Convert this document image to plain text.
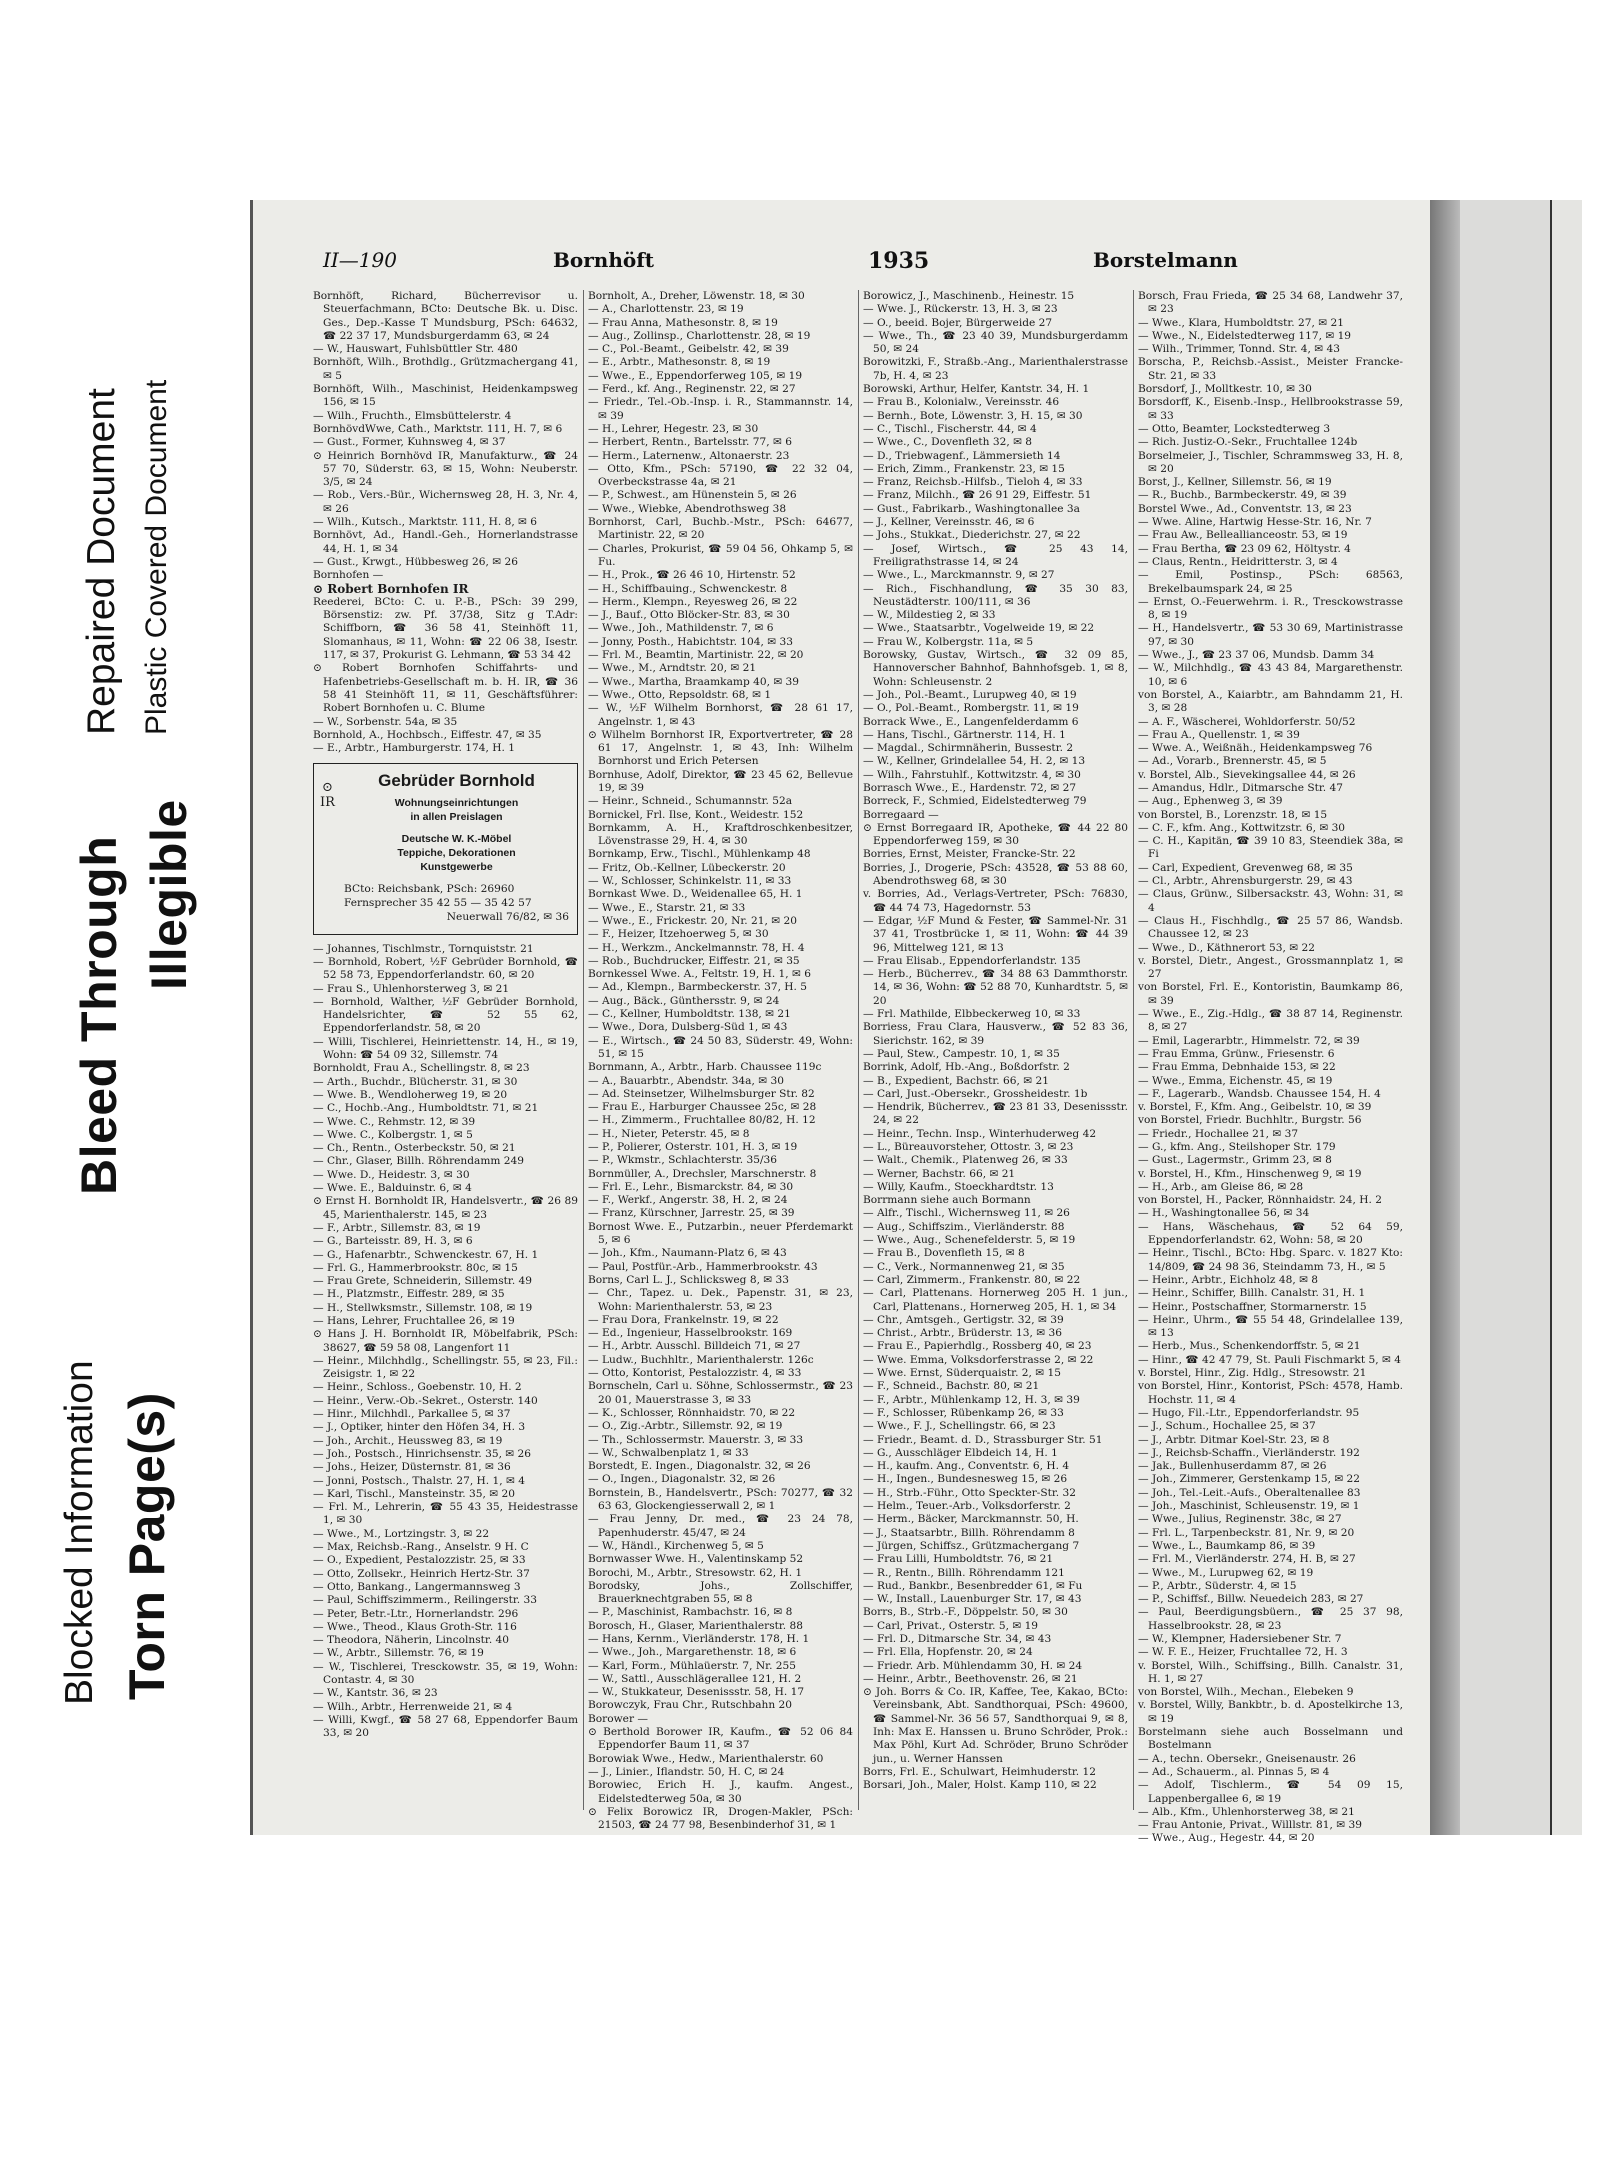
Blocked Information Torn Page(s)
Bleed Through Illegible
Repaired Document Plastic Covered Document
II—190	Bornhöft	1935	Borstelmann

Bornhöft, Richard, Bücherrevisor u. Steuerfachmann, BCto: Deutsche Bk. u. Disc. Ges., Dep.-Kasse T Mundsburg, PSch: 64632, ☎ 22 37 17, Mundsburgerdamm 63, ✉ 24

— W., Hauswart, Fuhlsbüttler Str. 480

Bornhöft, Wilh., Brothdlg., Grützmachergang 41, ✉ 5

Bornhöft, Wilh., Maschinist, Heidenkampsweg 156, ✉ 15

— Wilh., Fruchth., Elmsbüttelerstr. 4

BornhövdWwe, Cath., Marktstr. 111, H. 7, ✉ 6

— Gust., Former, Kuhnsweg 4, ✉ 37

⊙ Heinrich Bornhövd IR, Manufakturw., ☎ 24 57 70, Süderstr. 63, ✉ 15, Wohn: Neuberstr. 3/5, ✉ 24

— Rob., Vers.-Bür., Wichernsweg 28, H. 3, Nr. 4, ✉ 26

— Wilh., Kutsch., Marktstr. 111, H. 8, ✉ 6

Bornhövt, Ad., Handl.-Geh., Hornerlandstrasse 44, H. 1, ✉ 34

— Gust., Krwgt., Hübbesweg 26, ✉ 26

Bornhofen —

⊙ Robert Bornhofen IR

Reederei, BCto: C. u. P.-B., PSch: 39 299, Börsenstiz: zw. Pf. 37/38, Sitz g T.Adr: Schiffborn, ☎ 36 58 41, Steinhöft 11, Slomanhaus, ✉ 11, Wohn: ☎ 22 06 38, Isestr. 117, ✉ 37, Prokurist G. Lehmann, ☎ 53 34 42

⊙ Robert Bornhofen Schiffahrts- und Hafenbetriebs-Gesellschaft m. b. H. IR, ☎ 36 58 41 Steinhöft 11, ✉ 11, Geschäftsführer: Robert Bornhofen u. C. Blume

— W., Sorbenstr. 54a, ✉ 35

Bornhold, A., Hochbsch., Eiffestr. 47, ✉ 35

— E., Arbtr., Hamburgerstr. 174, H. 1

⊙
IR
Gebrüder Bornhold
Wohnungseinrichtungen
in allen Preislagen
Deutsche W. K.-Möbel
Teppiche, Dekorationen
Kunstgewerbe
BCto: Reichsbank, PSch: 26960
Fernsprecher 35 42 55 — 35 42 57
Neuerwall 76/82, ✉ 36

— Johannes, Tischlmstr., Tornquiststr. 21

— Bornhold, Robert, ½F Gebrüder Bornhold, ☎ 52 58 73, Eppendorferlandstr. 60, ✉ 20

— Frau S., Uhlenhorsterweg 3, ✉ 21

— Bornhold, Walther, ½F Gebrüder Bornhold, Handelsrichter, ☎ 52 55 62, Eppendorferlandstr. 58, ✉ 20

— Willi, Tischlerei, Heinriettenstr. 14, H., ✉ 19, Wohn: ☎ 54 09 32, Sillemstr. 74

Bornholdt, Frau A., Schellingstr. 8, ✉ 23

— Arth., Buchdr., Blücherstr. 31, ✉ 30

— Wwe. B., Wendloherweg 19, ✉ 20

— C., Hochb.-Ang., Humboldtstr. 71, ✉ 21

— Wwe. C., Rehmstr. 12, ✉ 39

— Wwe. C., Kolbergstr. 1, ✉ 5

— Ch., Rentn., Osterbeckstr. 50, ✉ 21

— Chr., Glaser, Billh. Röhrendamm 249

— Wwe. D., Heidestr. 3, ✉ 30

— Wwe. E., Balduinstr. 6, ✉ 4

⊙ Ernst H. Bornholdt IR, Handelsvertr., ☎ 26 89 45, Marienthalerstr. 145, ✉ 23

— F., Arbtr., Sillemstr. 83, ✉ 19

— G., Barteisstr. 89, H. 3, ✉ 6

— G., Hafenarbtr., Schwenckestr. 67, H. 1

— Frl. G., Hammerbrookstr. 80c, ✉ 15

— Frau Grete, Schneiderin, Sillemstr. 49

— H., Platzmstr., Eiffestr. 289, ✉ 35

— H., Stellwksmstr., Sillemstr. 108, ✉ 19

— Hans, Lehrer, Fruchtallee 26, ✉ 19

⊙ Hans J. H. Bornholdt IR, Möbelfabrik, PSch: 38627, ☎ 59 58 08, Langenfort 11

— Heinr., Milchhdlg., Schellingstr. 55, ✉ 23, Fil.: Zeisigstr. 1, ✉ 22

— Heinr., Schloss., Goebenstr. 10, H. 2

— Heinr., Verw.-Ob.-Sekret., Osterstr. 140

— Hinr., Milchhdl., Parkallee 5, ✉ 37

— J., Optiker, hinter den Höfen 34, H. 3

— Joh., Archit., Heussweg 83, ✉ 19

— Joh., Postsch., Hinrichsenstr. 35, ✉ 26

— Johs., Heizer, Düsternstr. 81, ✉ 36

— Jonni, Postsch., Thalstr. 27, H. 1, ✉ 4

— Karl, Tischl., Mansteinstr. 35, ✉ 20

— Frl. M., Lehrerin, ☎ 55 43 35, Heidestrasse 1, ✉ 30

— Wwe., M., Lortzingstr. 3, ✉ 22

— Max, Reichsb.-Rang., Anselstr. 9 H. C

— O., Expedient, Pestalozzistr. 25, ✉ 33

— Otto, Zollsekr., Heinrich Hertz-Str. 37

— Otto, Bankang., Langermannsweg 3

— Paul, Schiffszimmerm., Reilingerstr. 33

— Peter, Betr.-Ltr., Hornerlandstr. 296

— Wwe., Theod., Klaus Groth-Str. 116

— Theodora, Näherin, Lincolnstr. 40

— W., Arbtr., Sillemstr. 76, ✉ 19

— W., Tischlerei, Tresckowstr. 35, ✉ 19, Wohn: Contastr. 4, ✉ 30

— W., Kantstr. 36, ✉ 23

— Wilh., Arbtr., Herrenweide 21, ✉ 4

— Willi, Kwgf., ☎ 58 27 68, Eppendorfer Baum 33, ✉ 20

Bornholt, A., Dreher, Löwenstr. 18, ✉ 30

— A., Charlottenstr. 23, ✉ 19

— Frau Anna, Mathesonstr. 8, ✉ 19

— Aug., Zollinsp., Charlottenstr. 28, ✉ 19

— C., Pol.-Beamt., Geibelstr. 42, ✉ 39

— E., Arbtr., Mathesonstr. 8, ✉ 19

— Wwe., E., Eppendorferweg 105, ✉ 19

— Ferd., kf. Ang., Reginenstr. 22, ✉ 27

— Friedr., Tel.-Ob.-Insp. i. R., Stammannstr. 14, ✉ 39

— H., Lehrer, Hegestr. 23, ✉ 30

— Herbert, Rentn., Bartelsstr. 77, ✉ 6

— Herm., Laternenw., Altonaerstr. 23

— Otto, Kfm., PSch: 57190, ☎ 22 32 04, Overbeckstrasse 4a, ✉ 21

— P., Schwest., am Hünenstein 5, ✉ 26

— Wwe., Wiebke, Abendrothsweg 38

Bornhorst, Carl, Buchb.-Mstr., PSch: 64677, Martinistr. 22, ✉ 20

— Charles, Prokurist, ☎ 59 04 56, Ohkamp 5, ✉ Fu.

— H., Prok., ☎ 26 46 10, Hirtenstr. 52

— H., Schiffbauing., Schwenckestr. 8

— Herm., Klempn., Reyesweg 26, ✉ 22

— J., Bauf., Otto Blöcker-Str. 83, ✉ 30

— Wwe., Joh., Mathildenstr. 7, ✉ 6

— Jonny, Posth., Habichtstr. 104, ✉ 33

— Frl. M., Beamtin, Martinistr. 22, ✉ 20

— Wwe., M., Arndtstr. 20, ✉ 21

— Wwe., Martha, Braamkamp 40, ✉ 39

— Wwe., Otto, Repsoldstr. 68, ✉ 1

— W., ½F Wilhelm Bornhorst, ☎ 28 61 17, Angelnstr. 1, ✉ 43

⊙ Wilhelm Bornhorst IR, Exportvertreter, ☎ 28 61 17, Angelnstr. 1, ✉ 43, Inh: Wilhelm Bornhorst und Erich Petersen

Bornhuse, Adolf, Direktor, ☎ 23 45 62, Bellevue 19, ✉ 39

— Heinr., Schneid., Schumannstr. 52a

Bornickel, Frl. Ilse, Kont., Weidestr. 152

Bornkamm, A. H., Kraftdroschkenbesitzer, Lövenstrasse 29, H. 4, ✉ 30

Bornkamp, Erw., Tischl., Mühlenkamp 48

— Fritz, Ob.-Kellner, Lübeckerstr. 20

— W., Schlosser, Schinkelstr. 11, ✉ 33

Bornkast Wwe. D., Weidenallee 65, H. 1

— Wwe., E., Starstr. 21, ✉ 33

— Wwe., E., Frickestr. 20, Nr. 21, ✉ 20

— F., Heizer, Itzehoerweg 5, ✉ 30

— H., Werkzm., Anckelmannstr. 78, H. 4

— Rob., Buchdrucker, Eiffestr. 21, ✉ 35

Bornkessel Wwe. A., Feltstr. 19, H. 1, ✉ 6

— Ad., Klempn., Barmbeckerstr. 37, H. 5

— Aug., Bäck., Günthersstr. 9, ✉ 24

— C., Kellner, Humboldtstr. 138, ✉ 21

— Wwe., Dora, Dulsberg-Süd 1, ✉ 43

— E., Wirtsch., ☎ 24 50 83, Süderstr. 49, Wohn: 51, ✉ 15

Bornmann, A., Arbtr., Harb. Chaussee 119c

— A., Bauarbtr., Abendstr. 34a, ✉ 30

— Ad. Steinsetzer, Wilhelmsburger Str. 82

— Frau E., Harburger Chaussee 25c, ✉ 28

— H., Zimmerm., Fruchtallee 80/82, H. 12

— H., Nieter, Peterstr. 45, ✉ 8

— P., Polierer, Osterstr. 101, H. 3, ✉ 19

— P., Wkmstr., Schlachterstr. 35/36

Bornmüller, A., Drechsler, Marschnerstr. 8

— Frl. E., Lehr., Bismarckstr. 84, ✉ 30

— F., Werkf., Angerstr. 38, H. 2, ✉ 24

— Franz, Kürschner, Jarrestr. 25, ✉ 39

Bornost Wwe. E., Putzarbin., neuer Pferdemarkt 5, ✉ 6

— Joh., Kfm., Naumann-Platz 6, ✉ 43

— Paul, Postfür.-Arb., Hammerbrookstr. 43

Borns, Carl L. J., Schlicksweg 8, ✉ 33

— Chr., Tapez. u. Dek., Papenstr. 31, ✉ 23, Wohn: Marienthalerstr. 53, ✉ 23

— Frau Dora, Frankelnstr. 19, ✉ 22

— Ed., Ingenieur, Hasselbrookstr. 169

— H., Arbtr. Ausschl. Billdeich 71, ✉ 27

— Ludw., Buchhltr., Marienthalerstr. 126c

— Otto, Kontorist, Pestalozzistr. 4, ✉ 33

Bornscheln, Carl u. Söhne, Schlossermstr., ☎ 23 20 01, Mauerstrasse 3, ✉ 33

— K., Schlosser, Rönnhaidstr. 70, ✉ 22

— O., Zig.-Arbtr., Sillemstr. 92, ✉ 19

— Th., Schlossermstr. Mauerstr. 3, ✉ 33

— W., Schwalbenplatz 1, ✉ 33

Borstedt, E. Ingen., Diagonalstr. 32, ✉ 26

— O., Ingen., Diagonalstr. 32, ✉ 26

Bornstein, B., Handelsvertr., PSch: 70277, ☎ 32 63 63, Glockengiesserwall 2, ✉ 1

— Frau Jenny, Dr. med., ☎ 23 24 78, Papenhuderstr. 45/47, ✉ 24

— W., Händl., Kirchenweg 5, ✉ 5

Bornwasser Wwe. H., Valentinskamp 52

Borochi, M., Arbtr., Stresowstr. 62, H. 1

Borodsky, Johs., Zollschiffer, Brauerknechtgraben 55, ✉ 8

— P., Maschinist, Rambachstr. 16, ✉ 8

Borosch, H., Glaser, Marienthalerstr. 88

— Hans, Kernm., Vierländerstr. 178, H. 1

— Wwe., Joh., Margarethenstr. 18, ✉ 6

— Karl, Form., Mühlaüerstr. 7, Nr. 255

— W., Sattl., Ausschlägerallee 121, H. 2

— W., Stukkateur, Desenissstr. 58, H. 17

Borowczyk, Frau Chr., Rutschbahn 20

Borower —

⊙ Berthold Borower IR, Kaufm., ☎ 52 06 84 Eppendorfer Baum 11, ✉ 37

Borowiak Wwe., Hedw., Marienthalerstr. 60

— J., Linier., Iflandstr. 50, H. C, ✉ 24

Borowiec, Erich H. J., kaufm. Angest., Eidelstedterweg 50a, ✉ 30

⊙ Felix Borowicz IR, Drogen-Makler, PSch: 21503, ☎ 24 77 98, Besenbinderhof 31, ✉ 1

Borowicz, J., Maschinenb., Heinestr. 15

— Wwe. J., Rückerstr. 13, H. 3, ✉ 23

— O., beeid. Bojer, Bürgerweide 27

— Wwe., Th., ☎ 23 40 39, Mundsburgerdamm 50, ✉ 24

Borowitzki, F., Straßb.-Ang., Marienthalerstrasse 7b, H. 4, ✉ 23

Borowski, Arthur, Helfer, Kantstr. 34, H. 1

— Frau B., Kolonialw., Vereinsstr. 46

— Bernh., Bote, Löwenstr. 3, H. 15, ✉ 30

— C., Tischl., Fischerstr. 44, ✉ 4

— Wwe., C., Dovenfleth 32, ✉ 8

— D., Triebwagenf., Lämmersieth 14

— Erich, Zimm., Frankenstr. 23, ✉ 15

— Franz, Reichsb.-Hilfsb., Tieloh 4, ✉ 33

— Franz, Milchh., ☎ 26 91 29, Eiffestr. 51

— Gust., Fabrikarb., Washingtonallee 3a

— J., Kellner, Vereinsstr. 46, ✉ 6

— Johs., Stukkat., Diederichstr. 27, ✉ 22

— Josef, Wirtsch., ☎ 25 43 14, Freiligrathstrasse 14, ✉ 24

— Wwe., L., Marckmannstr. 9, ✉ 27

— Rich., Fischhandlung, ☎ 35 30 83, Neustädterstr. 100/111, ✉ 36

— W., Mildestieg 2, ✉ 33

— Wwe., Staatsarbtr., Vogelweide 19, ✉ 22

— Frau W., Kolbergstr. 11a, ✉ 5

Borowsky, Gustav, Wirtsch., ☎ 32 09 85, Hannoverscher Bahnhof, Bahnhofsgeb. 1, ✉ 8, Wohn: Schleusenstr. 2

— Joh., Pol.-Beamt., Lurupweg 40, ✉ 19

— O., Pol.-Beamt., Rombergstr. 11, ✉ 19

Borrack Wwe., E., Langenfelderdamm 6

— Hans, Tischl., Gärtnerstr. 114, H. 1

— Magdal., Schirmnäherin, Bussestr. 2

— W., Kellner, Grindelallee 54, H. 2, ✉ 13

— Wilh., Fahrstuhlf., Kottwitzstr. 4, ✉ 30

Borrasch Wwe., E., Hardenstr. 72, ✉ 27

Borreck, F., Schmied, Eidelstedterweg 79

Borregaard —

⊙ Ernst Borregaard IR, Apotheke, ☎ 44 22 80 Eppendorferweg 159, ✉ 30

Borries, Ernst, Meister, Francke-Str. 22

Borries, J., Drogerie, PSch: 43528, ☎ 53 88 60, Abendrothsweg 68, ✉ 30

v. Borries, Ad., Verlags-Vertreter, PSch: 76830, ☎ 44 74 73, Hagedornstr. 53

— Edgar, ½F Mund & Fester, ☎ Sammel-Nr. 31 37 41, Trostbrücke 1, ✉ 11, Wohn: ☎ 44 39 96, Mittelweg 121, ✉ 13

— Frau Elisab., Eppendorferlandstr. 135

— Herb., Bücherrev., ☎ 34 88 63 Dammthorstr. 14, ✉ 36, Wohn: ☎ 52 88 70, Kunhardtstr. 5, ✉ 20

— Frl. Mathilde, Elbbeckerweg 10, ✉ 33

Borriess, Frau Clara, Hausverw., ☎ 52 83 36, Sierichstr. 162, ✉ 39

— Paul, Stew., Campestr. 10, 1, ✉ 35

Borrink, Adolf, Hb.-Ang., Boßdorfstr. 2

— B., Expedient, Bachstr. 66, ✉ 21

— Carl, Just.-Obersekr., Grossheidestr. 1b

— Hendrik, Bücherrev., ☎ 23 81 33, Desenissstr. 24, ✉ 22

— Heinr., Techn. Insp., Winterhuderweg 42

— L., Büreauvorsteher, Ottostr. 3, ✉ 23

— Walt., Chemik., Platenweg 26, ✉ 33

— Werner, Bachstr. 66, ✉ 21

— Willy, Kaufm., Stoeckhardtstr. 13

Borrmann siehe auch Bormann

— Alfr., Tischl., Wichernsweg 11, ✉ 26

— Aug., Schiffszim., Vierländerstr. 88

— Wwe., Aug., Schenefelderstr. 5, ✉ 19

— Frau B., Dovenfleth 15, ✉ 8

— C., Verk., Normannenweg 21, ✉ 35

— Carl, Zimmerm., Frankenstr. 80, ✉ 22

— Carl, Plattenans. Hornerweg 205 H. 1 jun., Carl, Plattenans., Hornerweg 205, H. 1, ✉ 34

— Chr., Amtsgeh., Gertigstr. 32, ✉ 39

— Christ., Arbtr., Brüderstr. 13, ✉ 36

— Frau E., Papierhdlg., Rossberg 40, ✉ 23

— Wwe. Emma, Volksdorferstrasse 2, ✉ 22

— Wwe. Ernst, Süderquaistr. 2, ✉ 15

— F., Schneid., Bachstr. 80, ✉ 21

— F., Arbtr., Mühlenkamp 12, H. 3, ✉ 39

— F., Schlosser, Rübenkamp 26, ✉ 33

— Wwe., F. J., Schellingstr. 66, ✉ 23

— Friedr., Beamt. d. D., Strassburger Str. 51

— G., Ausschläger Elbdeich 14, H. 1

— H., kaufm. Ang., Conventstr. 6, H. 4

— H., Ingen., Bundesnesweg 15, ✉ 26

— H., Strb.-Führ., Otto Speckter-Str. 32

— Helm., Teuer.-Arb., Volksdorferstr. 2

— Herm., Bäcker, Marckmannstr. 50, H.

— J., Staatsarbtr., Billh. Röhrendamm 8

— Jürgen, Schiffsz., Grützmachergang 7

— Frau Lilli, Humboldtstr. 76, ✉ 21

— R., Rentn., Billh. Röhrendamm 121

— Rud., Bankbr., Besenbredder 61, ✉ Fu

— W., Install., Lauenburger Str. 17, ✉ 43

Borrs, B., Strb.-F., Döppelstr. 50, ✉ 30

— Carl, Privat., Osterstr. 5, ✉ 19

— Frl. D., Ditmarsche Str. 34, ✉ 43

— Frl. Ella, Hopfenstr. 20, ✉ 24

— Friedr. Arb. Mühlendamm 30, H. ✉ 24

— Heinr., Arbtr., Beethovenstr. 26, ✉ 21

⊙ Joh. Borrs & Co. IR, Kaffee, Tee, Kakao, BCto: Vereinsbank, Abt. Sandthorquai, PSch: 49600, ☎ Sammel-Nr. 36 56 57, Sandthorquai 9, ✉ 8, Inh: Max E. Hanssen u. Bruno Schröder, Prok.: Max Pöhl, Kurt Ad. Schröder, Bruno Schröder jun., u. Werner Hanssen

Borrs, Frl. E., Schulwart, Heimhuderstr. 12

Borsari, Joh., Maler, Holst. Kamp 110, ✉ 22

Borsch, Frau Frieda, ☎ 25 34 68, Landwehr 37, ✉ 23

— Wwe., Klara, Humboldtstr. 27, ✉ 21

— Wwe., N., Eidelstedterweg 117, ✉ 19

— Wilh., Trimmer, Tonnd. Str. 4, ✉ 43

Borscha, P., Reichsb.-Assist., Meister Francke-Str. 21, ✉ 33

Borsdorf, J., Molltkestr. 10, ✉ 30

Borsdorff, K., Eisenb.-Insp., Hellbrookstrasse 59, ✉ 33

— Otto, Beamter, Lockstedterweg 3

— Rich. Justiz-O.-Sekr., Fruchtallee 124b

Borselmeier, J., Tischler, Schrammsweg 33, H. 8, ✉ 20

Borst, J., Kellner, Sillemstr. 56, ✉ 19

— R., Buchb., Barmbeckerstr. 49, ✉ 39

Borstel Wwe., Ad., Conventstr. 13, ✉ 23

— Wwe. Aline, Hartwig Hesse-Str. 16, Nr. 7

— Frau Aw., Belleallianceostr. 53, ✉ 19

— Frau Bertha, ☎ 23 09 62, Höltystr. 4

— Claus, Rentn., Heidritterstr. 3, ✉ 4

— Emil, Postinsp., PSch: 68563, Brekelbaumspark 24, ✉ 25

— Ernst, O.-Feuerwehrm. i. R., Tresckowstrasse 8, ✉ 19

— H., Handelsvertr., ☎ 53 30 69, Martinistrasse 97, ✉ 30

— Wwe., J., ☎ 23 37 06, Mundsb. Damm 34

— W., Milchhdlg., ☎ 43 43 84, Margarethenstr. 10, ✉ 6

von Borstel, A., Kaiarbtr., am Bahndamm 21, H. 3, ✉ 28

— A. F., Wäscherei, Wohldorferstr. 50/52

— Frau A., Quellenstr. 1, ✉ 39

— Wwe. A., Weißnäh., Heidenkampsweg 76

— Ad., Vorarb., Brennerstr. 45, ✉ 5

v. Borstel, Alb., Sievekingsallee 44, ✉ 26

— Amandus, Hdlr., Ditmarsche Str. 47

— Aug., Ephenweg 3, ✉ 39

von Borstel, B., Lorenzstr. 18, ✉ 15

— C. F., kfm. Ang., Kottwitzstr. 6, ✉ 30

— C. H., Kapitän, ☎ 39 10 83, Steendiek 38a, ✉ Fi

— Carl, Expedient, Grevenweg 68, ✉ 35

— Cl., Arbtr., Ahrensburgerstr. 29, ✉ 43

— Claus, Grünw., Silbersackstr. 43, Wohn: 31, ✉ 4

— Claus H., Fischhdlg., ☎ 25 57 86, Wandsb. Chaussee 12, ✉ 23

— Wwe., D., Käthnerort 53, ✉ 22

v. Borstel, Dietr., Angest., Grossmannplatz 1, ✉ 27

von Borstel, Frl. E., Kontoristin, Baumkamp 86, ✉ 39

— Wwe., E., Zig.-Hdlg., ☎ 38 87 14, Reginenstr. 8, ✉ 27

— Emil, Lagerarbtr., Himmelstr. 72, ✉ 39

— Frau Emma, Grünw., Friesenstr. 6

— Frau Emma, Debnhaide 153, ✉ 22

— Wwe., Emma, Eichenstr. 45, ✉ 19

— F., Lagerarb., Wandsb. Chaussee 154, H. 4

v. Borstel, F., Kfm. Ang., Geibelstr. 10, ✉ 39

von Borstel, Friedr. Buchhltr., Burgstr. 56

— Friedr., Hochallee 21, ✉ 37

— G., kfm. Ang., Steilshoper Str. 179

— Gust., Lagermstr., Grimm 23, ✉ 8

v. Borstel, H., Kfm., Hinschenweg 9, ✉ 19

— H., Arb., am Gleise 86, ✉ 28

von Borstel, H., Packer, Rönnhaidstr. 24, H. 2

— H., Washingtonallee 56, ✉ 34

— Hans, Wäschehaus, ☎ 52 64 59, Eppendorferlandstr. 62, Wohn: 58, ✉ 20

— Heinr., Tischl., BCto: Hbg. Sparc. v. 1827 Kto: 14/809, ☎ 24 98 36, Steindamm 73, H., ✉ 5

— Heinr., Arbtr., Eichholz 48, ✉ 8

— Heinr., Schiffer, Billh. Canalstr. 31, H. 1

— Heinr., Postschaffner, Stormarnerstr. 15

— Heinr., Uhrm., ☎ 55 54 48, Grindelallee 139, ✉ 13

— Herb., Mus., Schenkendorffstr. 5, ✉ 21

— Hinr., ☎ 42 47 79, St. Pauli Fischmarkt 5, ✉ 4

v. Borstel, Hinr., Zig. Hdlg., Stresowstr. 21

von Borstel, Hinr., Kontorist, PSch: 4578, Hamb. Hochstr. 11, ✉ 4

— Hugo, Fil.-Ltr., Eppendorferlandstr. 95

— J., Schum., Hochallee 25, ✉ 37

— J., Arbtr. Ditmar Koel-Str. 23, ✉ 8

— J., Reichsb-Schaffn., Vierländerstr. 192

— Jak., Bullenhuserdamm 87, ✉ 26

— Joh., Zimmerer, Gerstenkamp 15, ✉ 22

— Joh., Tel.-Leit.-Aufs., Oberaltenallee 83

— Joh., Maschinist, Schleusenstr. 19, ✉ 1

— Wwe., Julius, Reginenstr. 38c, ✉ 27

— Frl. L., Tarpenbeckstr. 81, Nr. 9, ✉ 20

— Wwe., L., Baumkamp 86, ✉ 39

— Frl. M., Vierländerstr. 274, H. B, ✉ 27

— Wwe., M., Lurupweg 62, ✉ 19

— P., Arbtr., Süderstr. 4, ✉ 15

— P., Schiffsf., Billw. Neuedeich 283, ✉ 27

— Paul, Beerdigungsbüern., ☎ 25 37 98, Hasselbrookstr. 28, ✉ 23

— W., Klempner, Hadersiebener Str. 7

— W. F. E., Heizer, Fruchtallee 72, H. 3

v. Borstel, Wilh., Schiffsing., Billh. Canalstr. 31, H. 1, ✉ 27

von Borstel, Wilh., Mechan., Elebeken 9

v. Borstel, Willy, Bankbtr., b. d. Apostelkirche 13, ✉ 19

Borstelmann siehe auch Bosselmann und Bostelmann

— A., techn. Obersekr., Gneisenaustr. 26

— Ad., Schauerm., al. Pinnas 5, ✉ 4

— Adolf, Tischlerm., ☎ 54 09 15, Lappenbergallee 6, ✉ 19

— Alb., Kfm., Uhlenhorsterweg 38, ✉ 21

— Frau Antonie, Privat., Willlstr. 81, ✉ 39

— Wwe., Aug., Hegestr. 44, ✉ 20
